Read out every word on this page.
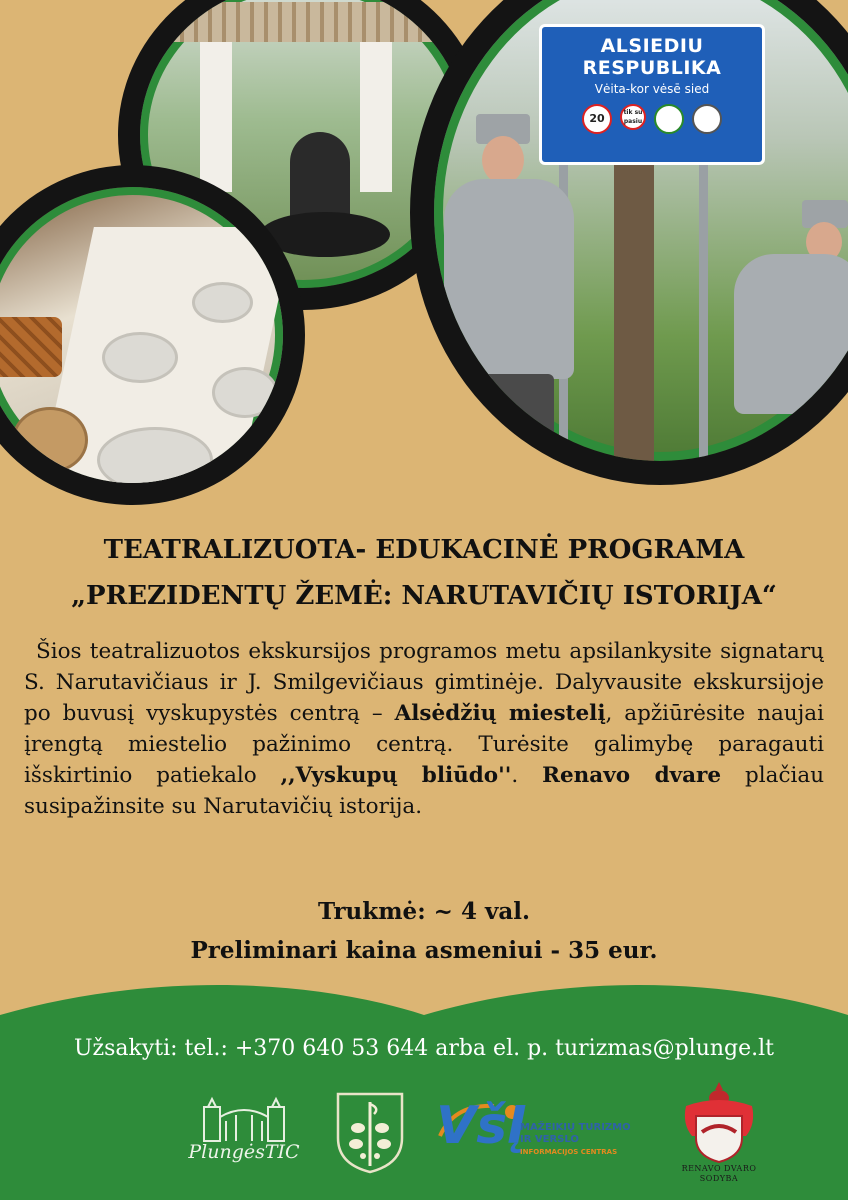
ALSIEDIU
RESPUBLIKA
Vėita-kor vėsē sied
20	tik su pasiu
TEATRALIZUOTA- EDUKACINĖ PROGRAMA
„PREZIDENTŲ ŽEMĖ: NARUTAVIČIŲ ISTORIJA“

Šios teatralizuotos ekskursijos programos metu apsilankysite signatarų S. Narutavičiaus ir J. Smilgevičiaus gimtinėje. Dalyvausite ekskursijoje po buvusį vyskupystės centrą – Alsėdžių miestelį, apžiūrėsite naujai įrengtą miestelio pažinimo centrą. Turėsite galimybę paragauti išskirtinio patiekalo ,,Vyskupų bliūdo''. Renavo dvare plačiau susipažinsite su Narutavičių istorija.

Trukmė: ~ 4 val.
Preliminari kaina asmeniui - 35 eur.
Užsakyti: tel.: +370 640 53 644 arba el. p. turizmas@plunge.lt
PlungėsTIC	VšĮ
MAŽEIKIŲ TURIZMO
IR VERSLO
INFORMACIJOS CENTRAS
RENAVO DVARO
SODYBA
